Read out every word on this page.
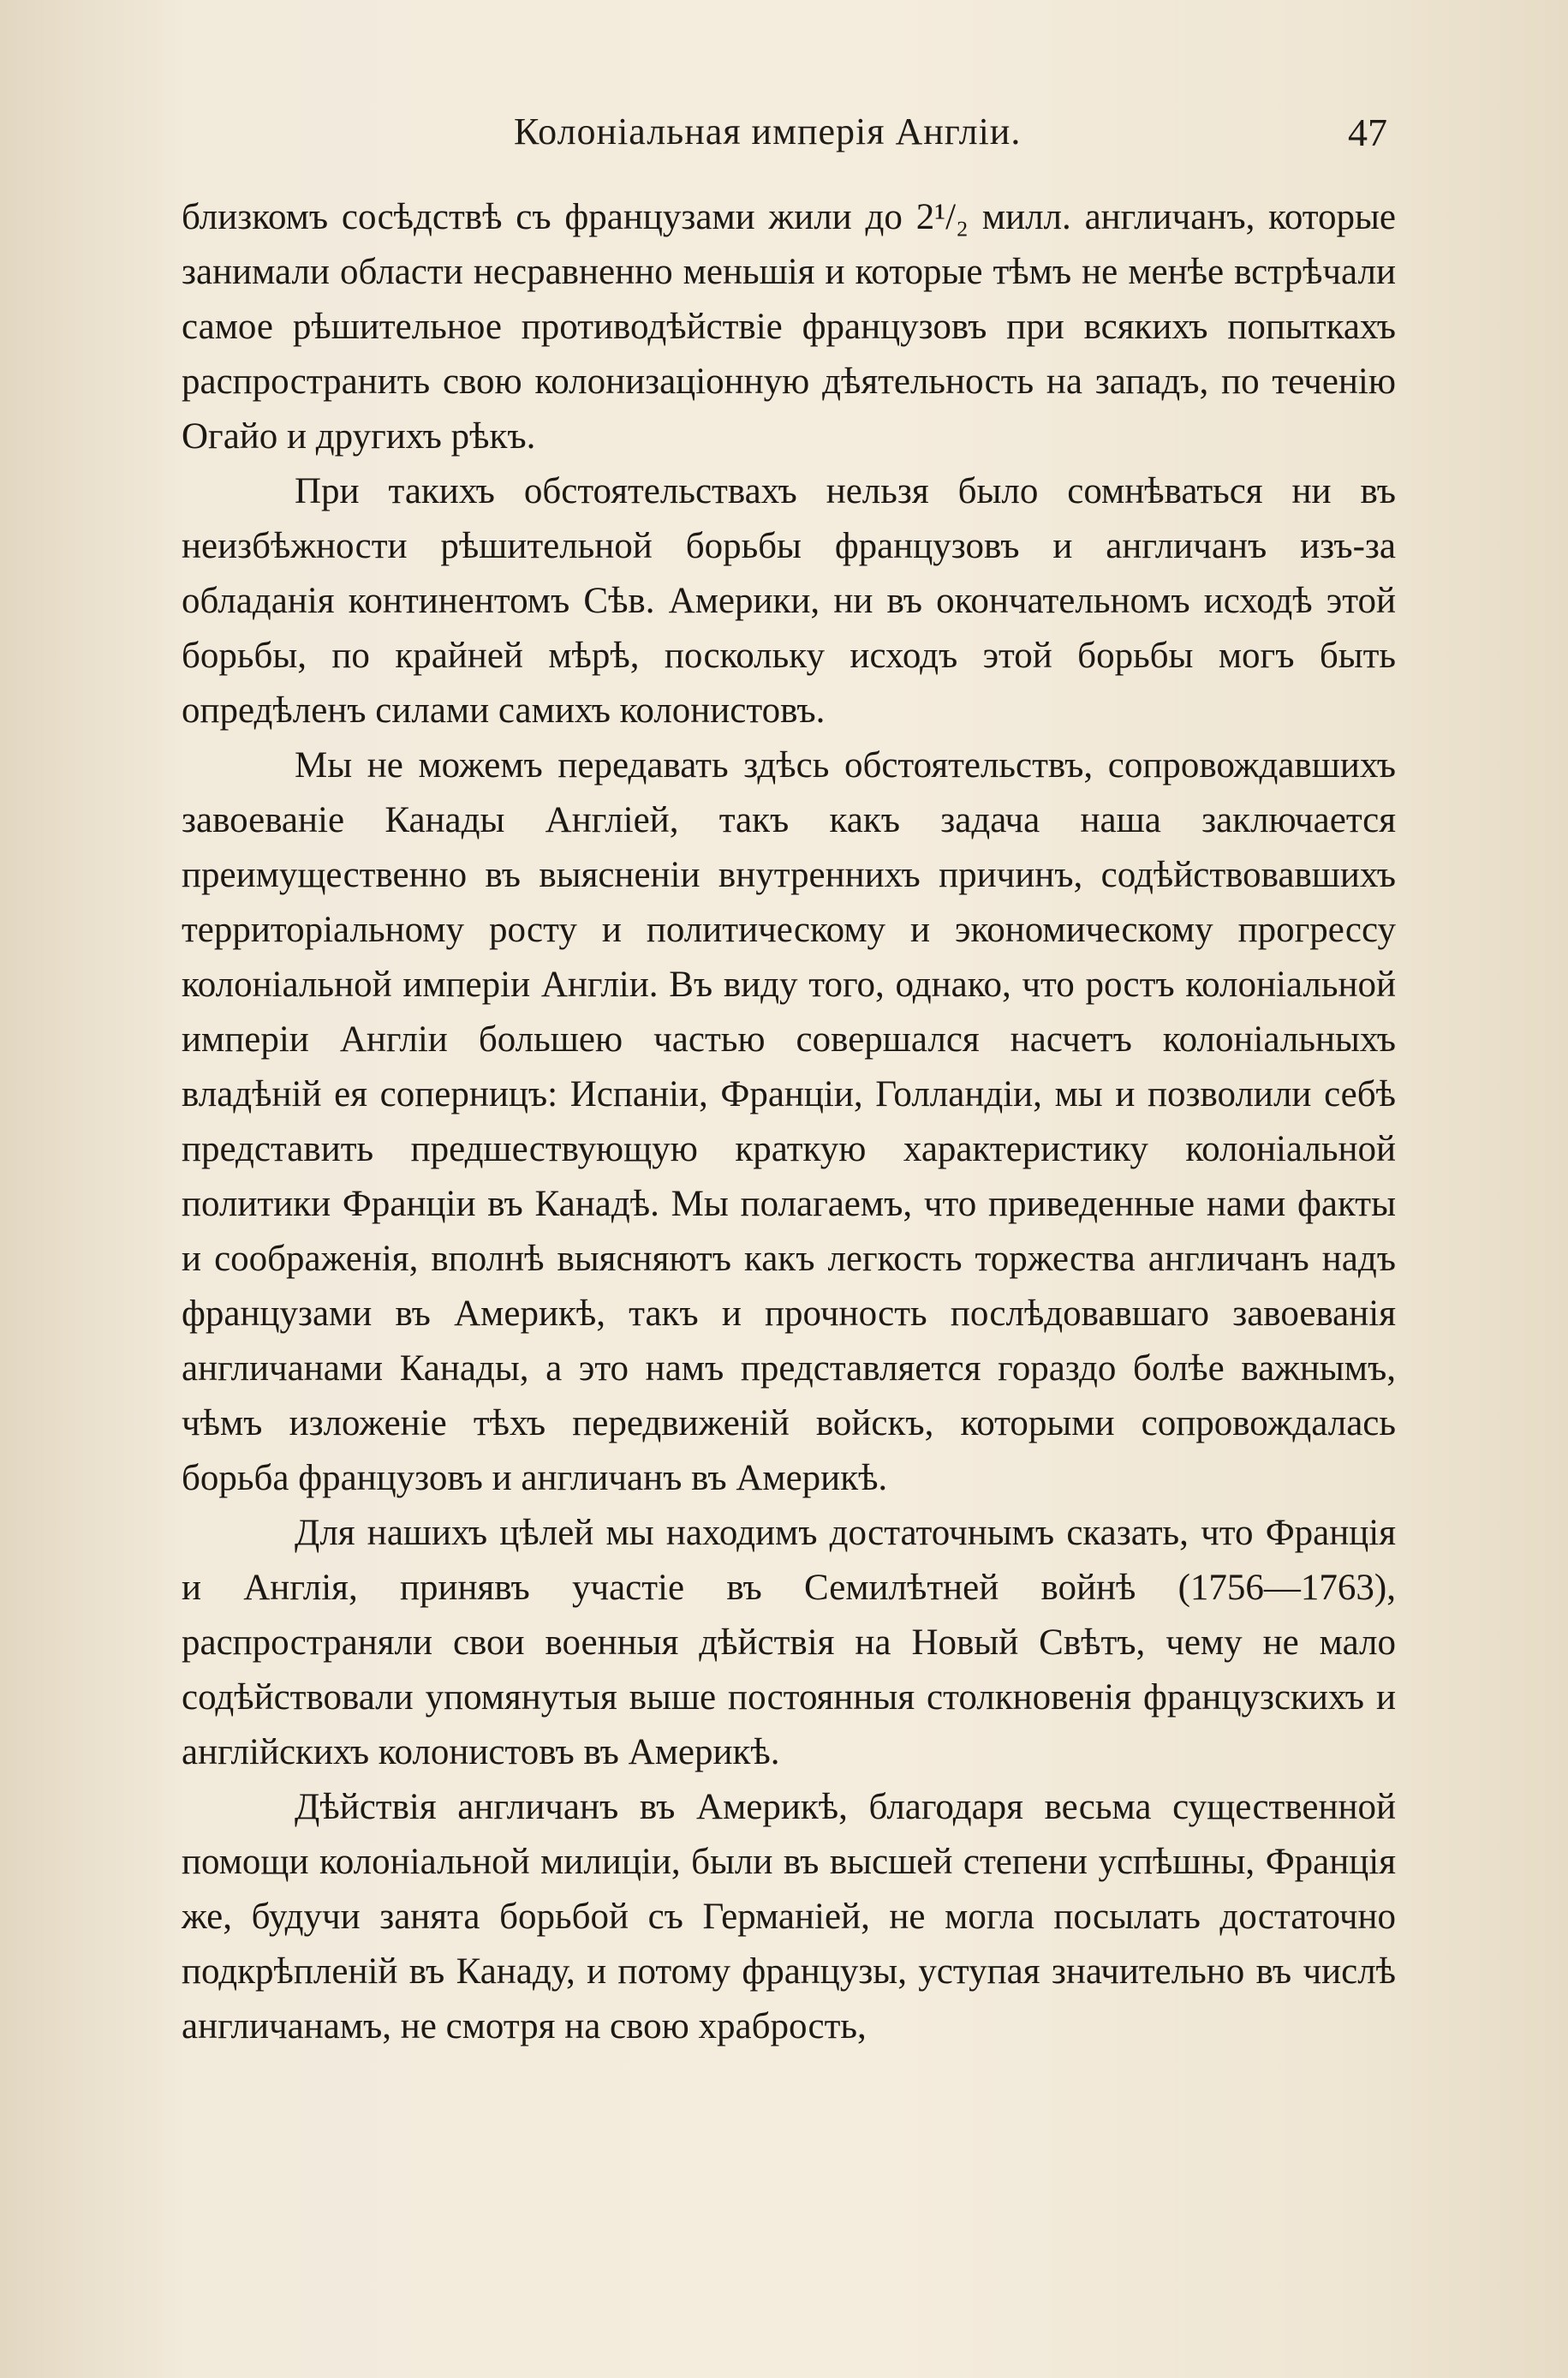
Колоніальная имперія Англіи.	47

близкомъ сосѣдствѣ съ французами жили до 2¹/₂ милл. англичанъ, которые занимали области несравненно меньшія и которые тѣмъ не менѣе встрѣчали самое рѣшительное противодѣйствіе французовъ при всякихъ попыткахъ распространить свою колонизаціонную дѣятельность на западъ, по теченію Огайо и другихъ рѣкъ.

При такихъ обстоятельствахъ нельзя было сомнѣваться ни въ неизбѣжности рѣшительной борьбы французовъ и англичанъ изъ-за обладанія континентомъ Сѣв. Америки, ни въ окончательномъ исходѣ этой борьбы, по крайней мѣрѣ, поскольку исходъ этой борьбы могъ быть опредѣленъ силами самихъ колонистовъ.

Мы не можемъ передавать здѣсь обстоятельствъ, сопровождавшихъ завоеваніе Канады Англіей, такъ какъ задача наша заключается преимущественно въ выясненіи внутреннихъ причинъ, содѣйствовавшихъ территоріальному росту и политическому и экономическому прогрессу колоніальной имперіи Англіи. Въ виду того, однако, что ростъ колоніальной имперіи Англіи большею частью совершался насчетъ колоніальныхъ владѣній ея соперницъ: Испаніи, Франціи, Голландіи, мы и позволили себѣ представить предшествующую краткую характеристику колоніальной политики Франціи въ Канадѣ. Мы полагаемъ, что приведенные нами факты и соображенія, вполнѣ выясняютъ какъ легкость торжества англичанъ надъ французами въ Америкѣ, такъ и прочность послѣдовавшаго завоеванія англичанами Канады, а это намъ представляется гораздо болѣе важнымъ, чѣмъ изложеніе тѣхъ передвиженій войскъ, которыми сопровождалась борьба французовъ и англичанъ въ Америкѣ.

Для нашихъ цѣлей мы находимъ достаточнымъ сказать, что Франція и Англія, принявъ участіе въ Семилѣтней войнѣ (1756—1763), распространяли свои военныя дѣйствія на Новый Свѣтъ, чему не мало содѣйствовали упомянутыя выше постоянныя столкновенія французскихъ и англійскихъ колонистовъ въ Америкѣ.

Дѣйствія англичанъ въ Америкѣ, благодаря весьма существенной помощи колоніальной милиціи, были въ высшей степени успѣшны, Франція же, будучи занята борьбой съ Германіей, не могла посылать достаточно подкрѣпленій въ Канаду, и потому французы, уступая значительно въ числѣ англичанамъ, не смотря на свою храбрость,
